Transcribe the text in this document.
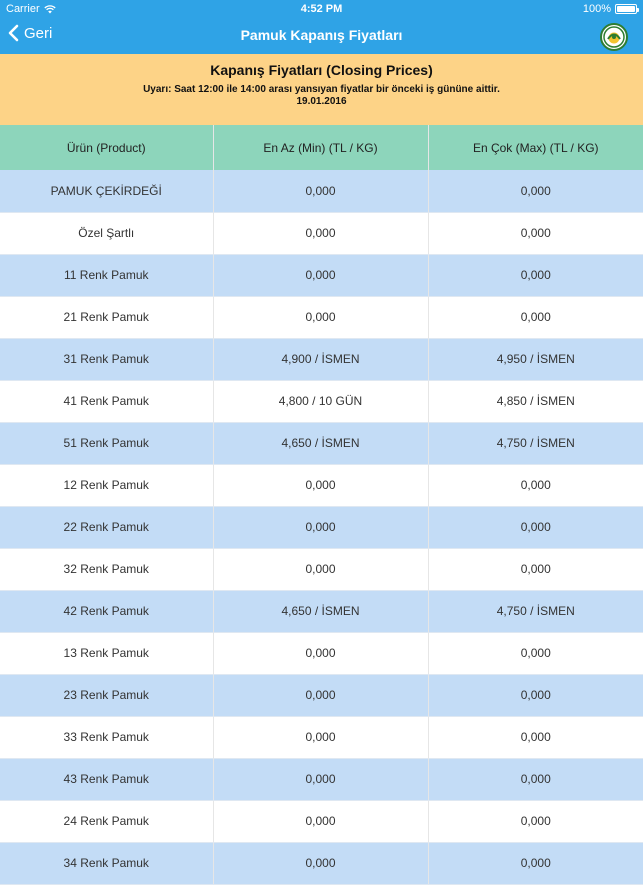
Carrier	4:52 PM	100%
Geri	Pamuk Kapanış Fiyatları
Kapanış Fiyatları (Closing Prices)
Uyarı: Saat 12:00 ile 14:00 arası yansıyan fiyatlar bir önceki iş gününe aittir.
19.01.2016
Ürün (Product)	En Az (Min) (TL / KG)	En Çok (Max) (TL / KG)
PAMUK ÇEKİRDEĞİ	0,000	0,000
Özel Şartlı	0,000	0,000
11 Renk Pamuk	0,000	0,000
21 Renk Pamuk	0,000	0,000
31 Renk Pamuk	4,900 / İSMEN	4,950 / İSMEN
41 Renk Pamuk	4,800 / 10 GÜN	4,850 / İSMEN
51 Renk Pamuk	4,650 / İSMEN	4,750 / İSMEN
12 Renk Pamuk	0,000	0,000
22 Renk Pamuk	0,000	0,000
32 Renk Pamuk	0,000	0,000
42 Renk Pamuk	4,650 / İSMEN	4,750 / İSMEN
13 Renk Pamuk	0,000	0,000
23 Renk Pamuk	0,000	0,000
33 Renk Pamuk	0,000	0,000
43 Renk Pamuk	0,000	0,000
24 Renk Pamuk	0,000	0,000
34 Renk Pamuk	0,000	0,000
